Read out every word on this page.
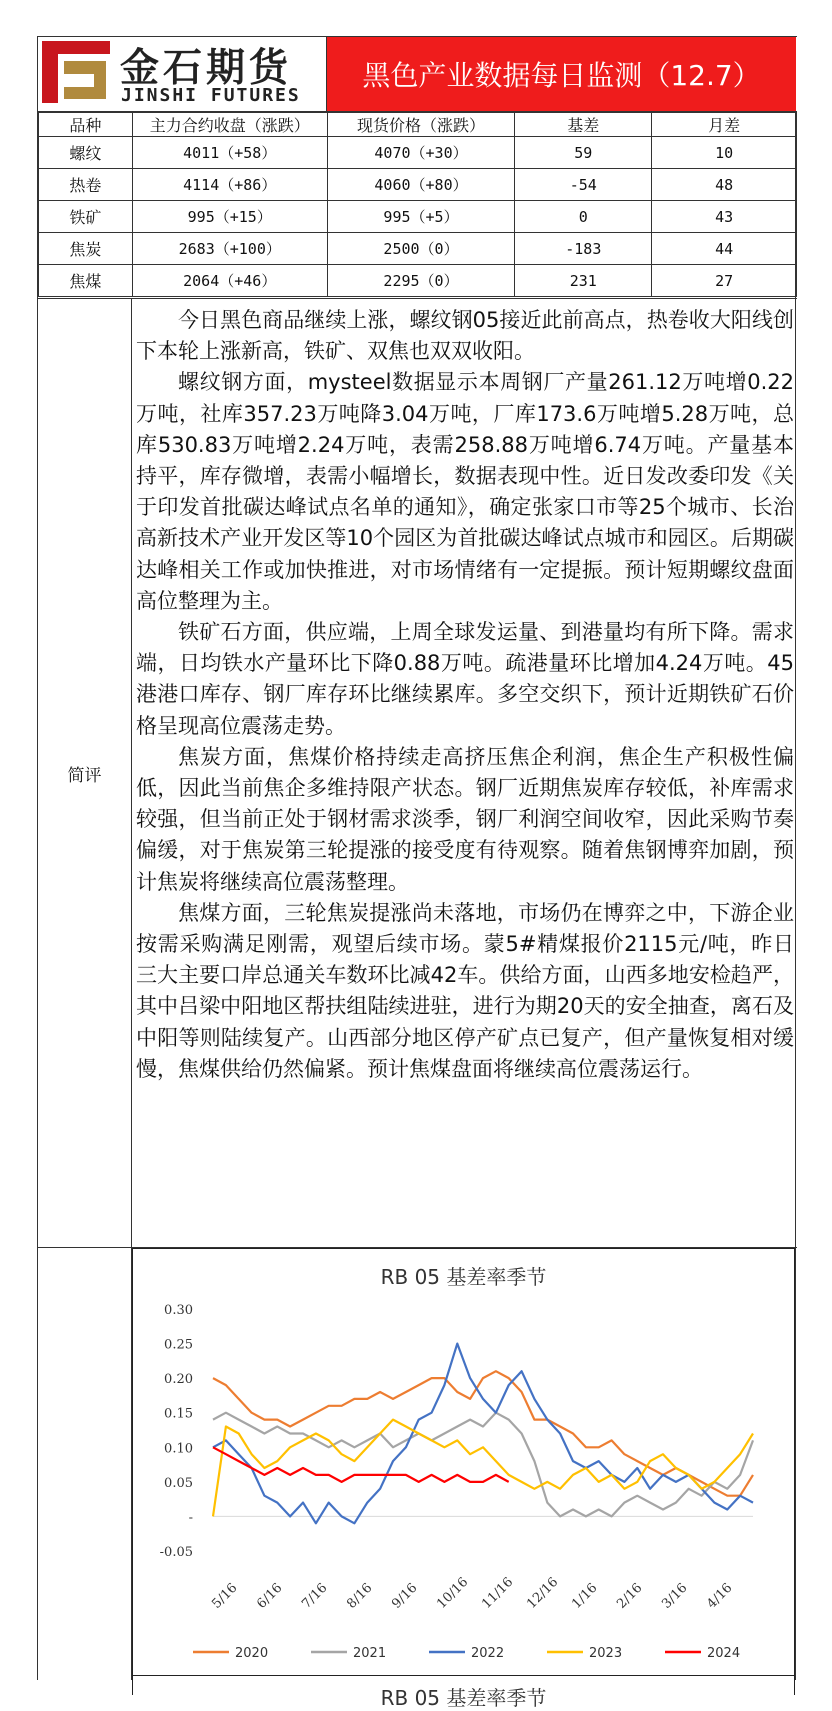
金石期货
JINSHI FUTURES
黑色产业数据每日监测（12.7）
品种	主力合约收盘（涨跌）	现货价格（涨跌）	基差	月差
螺纹	4011（+58）	4070（+30）	59	10
热卷	4114（+86）	4060（+80）	-54	48
铁矿	995（+15）	995（+5）	0	43
焦炭	2683（+100）	2500（0）	-183	44
焦煤	2064（+46）	2295（0）	231	27
简评

今日黑色商品继续上涨，螺纹钢05接近此前高点，热卷收大阳线创下本轮上涨新高，铁矿、双焦也双双收阳。

螺纹钢方面，mysteel数据显示本周钢厂产量261.12万吨增0.22万吨，社库357.23万吨降3.04万吨，厂库173.6万吨增5.28万吨，总库530.83万吨增2.24万吨，表需258.88万吨增6.74万吨。产量基本持平，库存微增，表需小幅增长，数据表现中性。近日发改委印发《关于印发首批碳达峰试点名单的通知》，确定张家口市等25个城市、长治高新技术产业开发区等10个园区为首批碳达峰试点城市和园区。后期碳达峰相关工作或加快推进，对市场情绪有一定提振。预计短期螺纹盘面高位整理为主。

铁矿石方面，供应端，上周全球发运量、到港量均有所下降。需求端，日均铁水产量环比下降0.88万吨。疏港量环比增加4.24万吨。45港港口库存、钢厂库存环比继续累库。多空交织下，预计近期铁矿石价格呈现高位震荡走势。

焦炭方面，焦煤价格持续走高挤压焦企利润，焦企生产积极性偏低，因此当前焦企多维持限产状态。钢厂近期焦炭库存较低，补库需求较强，但当前正处于钢材需求淡季，钢厂利润空间收窄，因此采购节奏偏缓，对于焦炭第三轮提涨的接受度有待观察。随着焦钢博弈加剧，预计焦炭将继续高位震荡整理。

焦煤方面，三轮焦炭提涨尚未落地，市场仍在博弈之中，下游企业按需采购满足刚需，观望后续市场。蒙5#精煤报价2115元/吨，昨日三大主要口岸总通关车数环比减42车。供给方面，山西多地安检趋严，其中吕梁中阳地区帮扶组陆续进驻，进行为期20天的安全抽查，离石及中阳等则陆续复产。山西部分地区停产矿点已复产，但产量恢复相对缓慢，焦煤供给仍然偏紧。预计焦煤盘面将继续高位震荡运行。

RB 05 基差率季节
0.30
0.25
0.20
0.15
0.10
0.05
-
-0.05
5/16 6/16 7/16 8/16 9/16 10/16 11/16 12/16 1/16 2/16 3/16 4/16
2020	2021	2022	2023	2024
RB 05 基差率季节
